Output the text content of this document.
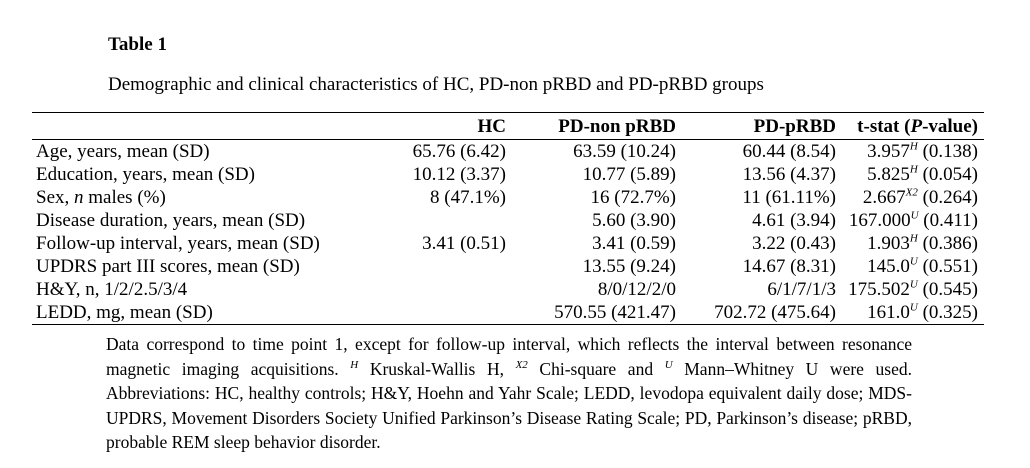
Table 1
Demographic and clinical characteristics of HC, PD-non pRBD and PD-pRBD groups
	HC	PD-non pRBD	PD-pRBD	t-stat (P-value)
Age, years, mean (SD)	65.76 (6.42)	63.59 (10.24)	60.44 (8.54)	$3.957^H$ (0.138)
Education, years, mean (SD)	10.12 (3.37)	10.77 (5.89)	13.56 (4.37)	$5.825^H$ (0.054)
Sex, n males (%)	8 (47.1%)	16 (72.7%)	11 (61.11%)	$2.667^{X2}$ (0.264)
Disease duration, years, mean (SD)		5.60 (3.90)	4.61 (3.94)	$167.000^U$ (0.411)
Follow-up interval, years, mean (SD)	3.41 (0.51)	3.41 (0.59)	3.22 (0.43)	$1.903^H$ (0.386)
UPDRS part III scores, mean (SD)		13.55 (9.24)	14.67 (8.31)	$145.0^U$ (0.551)
H&Y, n, 1/2/2.5/3/4		8/0/12/2/0	6/1/7/1/3	$175.502^U$ (0.545)
LEDD, mg, mean (SD)		570.55 (421.47)	702.72 (475.64)	$161.0^U$ (0.325)
Data correspond to time point 1, except for follow-up interval, which reflects the interval between resonance magnetic imaging acquisitions. $^H$ Kruskal-Wallis H, $^{X2}$ Chi-square and $^U$ Mann–Whitney U were used. Abbreviations: HC, healthy controls; H&Y, Hoehn and Yahr Scale; LEDD, levodopa equivalent daily dose; MDS-UPDRS, Movement Disorders Society Unified Parkinson’s Disease Rating Scale; PD, Parkinson’s disease; pRBD, probable REM sleep behavior disorder.
